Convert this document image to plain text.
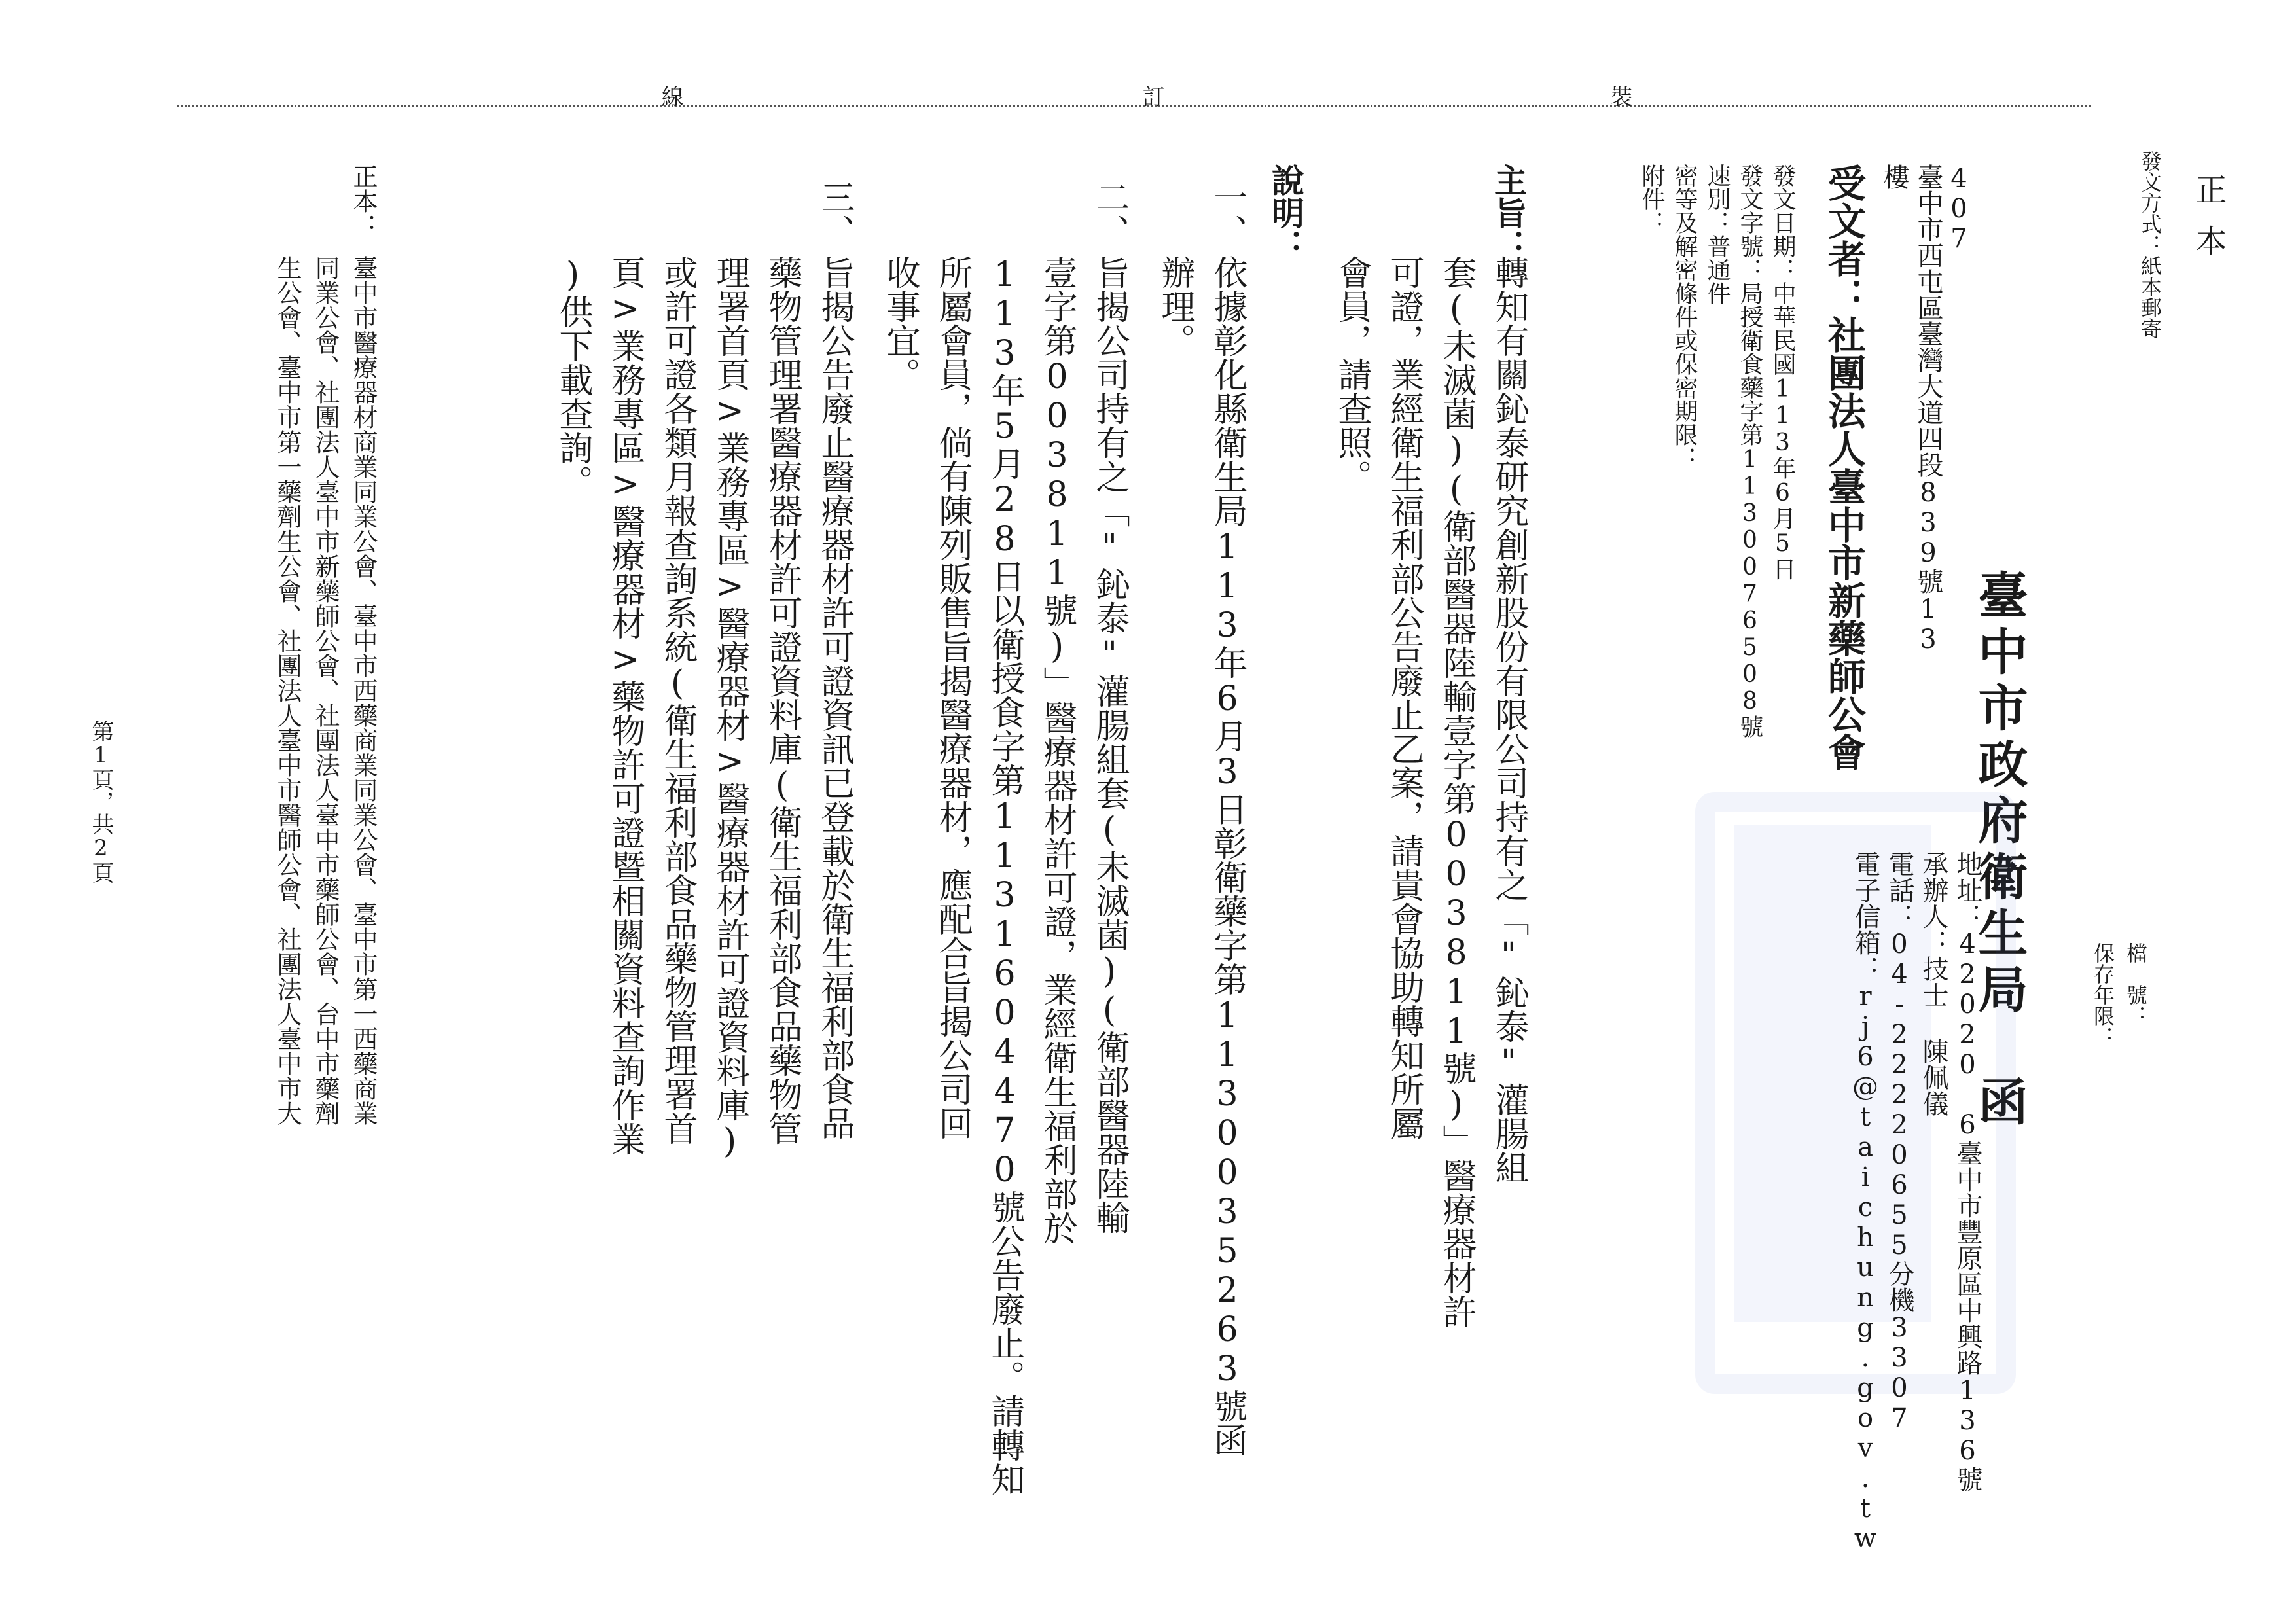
正本
發文方式：紙本郵寄
檔　號：
保存年限：
裝
訂
線
臺中市政府衛生局　函
地址：42020 6臺中市豐原區中興路136號
承辦人：技士 陳佩儀
電話：04-22220655分機3307
電子信箱：rj6@taichung.gov.tw
407
臺中市西屯區臺灣大道四段839號13
樓
受文者：社團法人臺中市新藥師公會
發文日期：中華民國113年6月5日
發文字號：局授衛食藥字第1130076508號
速別：普通件
密等及解密條件或保密期限：
附件：
主旨：
轉知有關鈊泰研究創新股份有限公司持有之「"鈊泰"灌腸組
套(未滅菌)(衛部醫器陸輸壹字第003811號)」醫療器材許
可證，業經衛生福利部公告廢止乙案，請貴會協助轉知所屬
會員，請查照。
說明：
一、
依據彰化縣衛生局113年6月3日彰衛藥字第1130035263號函
辦理。
二、
旨揭公司持有之「"鈊泰"灌腸組套(未滅菌)(衛部醫器陸輸
壹字第003811號)」醫療器材許可證，業經衛生福利部於
113年5月28日以衛授食字第1131604470號公告廢止。請轉知
所屬會員，倘有陳列販售旨揭醫療器材，應配合旨揭公司回
收事宜。
三、
旨揭公告廢止醫療器材許可證資訊已登載於衛生福利部食品
藥物管理署醫療器材許可證資料庫(衛生福利部食品藥物管
理署首頁>業務專區>醫療器材>醫療器材許可證資料庫)
或許可證各類月報查詢系統(衛生福利部食品藥物管理署首
頁>業務專區>醫療器材>藥物許可證暨相關資料查詢作業
)供下載查詢。
正本：
臺中市醫療器材商業同業公會、臺中市西藥商業同業公會、臺中市第一西藥商業
同業公會、社團法人臺中市新藥師公會、社團法人臺中市藥師公會、台中市藥劑
生公會、臺中市第一藥劑生公會、社團法人臺中市醫師公會、社團法人臺中市大
第1頁，共2頁
